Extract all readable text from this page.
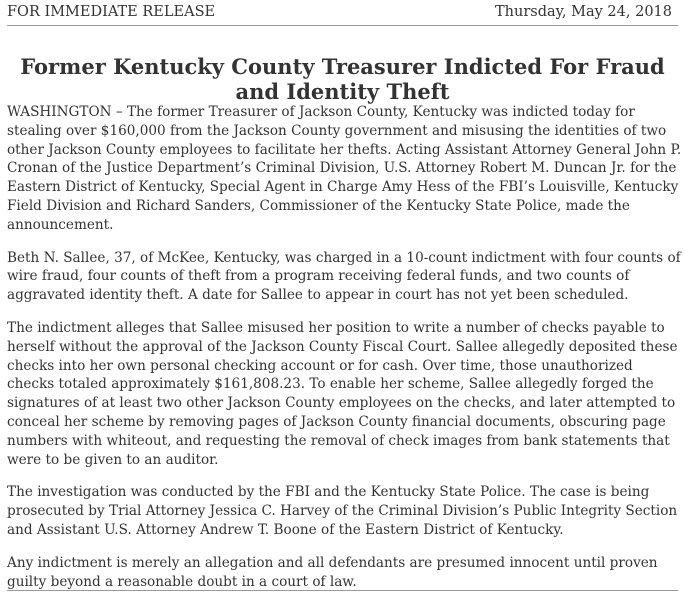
FOR IMMEDIATE RELEASE	Thursday, May 24, 2018
Former Kentucky County Treasurer Indicted For Fraud and Identity Theft

WASHINGTON – The former Treasurer of Jackson County, Kentucky was indicted today for stealing over $160,000 from the Jackson County government and misusing the identities of two other Jackson County employees to facilitate her thefts. Acting Assistant Attorney General John P. Cronan of the Justice Department’s Criminal Division, U.S. Attorney Robert M. Duncan Jr. for the Eastern District of Kentucky, Special Agent in Charge Amy Hess of the FBI’s Louisville, Kentucky Field Division and Richard Sanders, Commissioner of the Kentucky State Police, made the announcement.

Beth N. Sallee, 37, of McKee, Kentucky, was charged in a 10-count indictment with four counts of wire fraud, four counts of theft from a program receiving federal funds, and two counts of aggravated identity theft. A date for Sallee to appear in court has not yet been scheduled.

The indictment alleges that Sallee misused her position to write a number of checks payable to herself without the approval of the Jackson County Fiscal Court. Sallee allegedly deposited these checks into her own personal checking account or for cash. Over time, those unauthorized checks totaled approximately $161,808.23. To enable her scheme, Sallee allegedly forged the signatures of at least two other Jackson County employees on the checks, and later attempted to conceal her scheme by removing pages of Jackson County financial documents, obscuring page numbers with whiteout, and requesting the removal of check images from bank statements that were to be given to an auditor.

The investigation was conducted by the FBI and the Kentucky State Police. The case is being prosecuted by Trial Attorney Jessica C. Harvey of the Criminal Division’s Public Integrity Section and Assistant U.S. Attorney Andrew T. Boone of the Eastern District of Kentucky.

Any indictment is merely an allegation and all defendants are presumed innocent until proven guilty beyond a reasonable doubt in a court of law.
